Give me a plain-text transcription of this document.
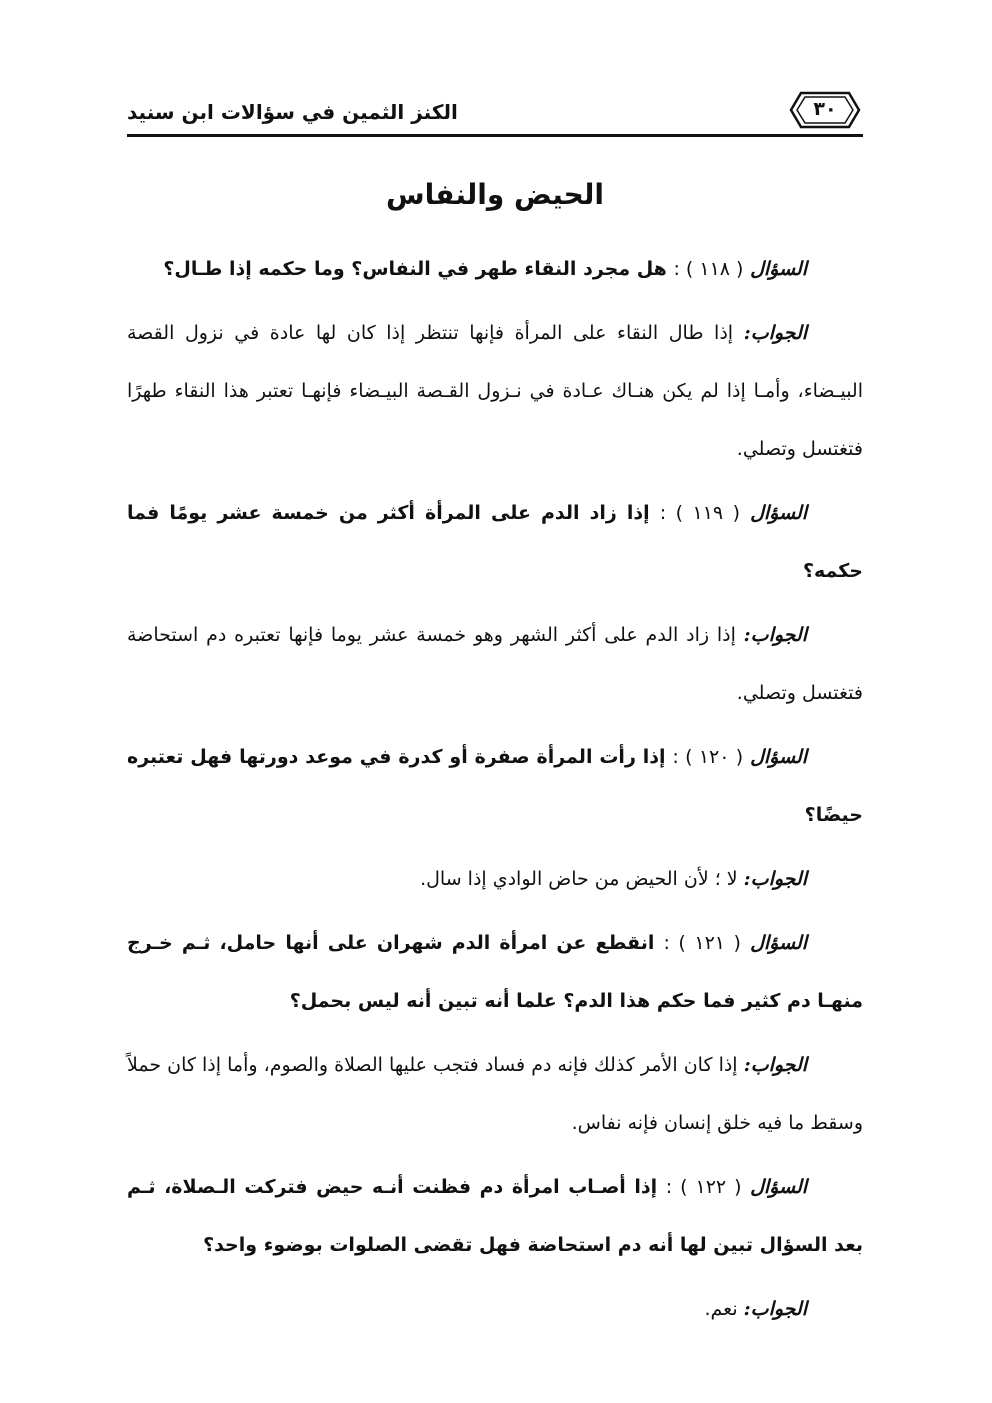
٣٠
الكنز الثمين في سؤالات ابن سنيد
الحيض والنفاس

السؤال ( ١١٨ ) : هل مجرد النقاء طهر في النفاس؟ وما حكمه إذا طـال؟

الجواب: إذا طال النقاء على المرأة فإنها تنتظر إذا كان لها عادة في نزول القصة البيـضاء، وأمـا إذا لم يكن هنـاك عـادة في نـزول القـصة البيـضاء فإنهـا تعتبر هذا النقاء طهرًا فتغتسل وتصلي.

السؤال ( ١١٩ ) : إذا زاد الدم على المرأة أكثر من خمسة عشر يومًا فما حكمه؟

الجواب: إذا زاد الدم على أكثر الشهر وهو خمسة عشر يوما فإنها تعتبره دم استحاضة فتغتسل وتصلي.

السؤال ( ١٢٠ ) : إذا رأت المرأة صفرة أو كدرة في موعد دورتها فهل تعتبره حيضًا؟

الجواب: لا ؛ لأن الحيض من حاض الوادي إذا سال.

السؤال ( ١٢١ ) : انقطع عن امرأة الدم شهران على أنها حامل، ثـم خـرج منهـا دم كثير فما حكم هذا الدم؟ علما أنه تبين أنه ليس بحمل؟

الجواب: إذا كان الأمر كذلك فإنه دم فساد فتجب عليها الصلاة والصوم، وأما إذا كان حملاً وسقط ما فيه خلق إنسان فإنه نفاس.

السؤال ( ١٢٢ ) : إذا أصـاب امرأة دم فظنت أنـه حيض فتركت الـصلاة، ثـم بعد السؤال تبين لها أنه دم استحاضة فهل تقضى الصلوات بوضوء واحد؟

الجواب: نعم.
